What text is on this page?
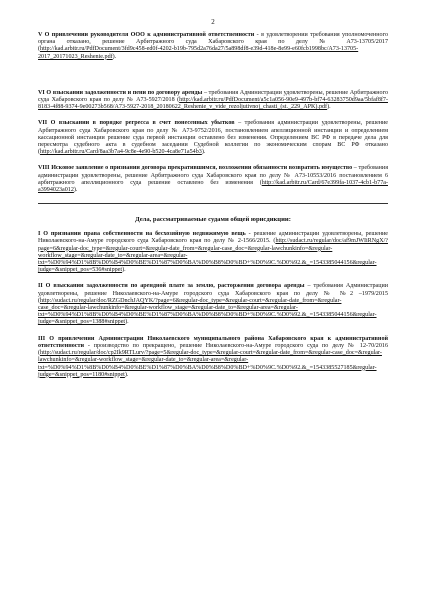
2

V О привлечении руководителя ООО к административной ответственности - в удовлетворении требования уполномоченного органа отказано, решение Арбитражного суда Хабаровского края по делу № А73-13705/2017 (http://kad.arbitr.ru/PdfDocument/3fd9c458-ed0f-4202-b19b-795d2a76da27/5a898df8-e39d-418e-8e99-e60fcb1998bc/A73-13705-2017_20171023_Reshenie.pdf).

VI О взыскании задолженности и пени по договору аренды – требования Администрации удовлетворены, решение Арбитражного суда Хабаровского края по делу № А73-5927/2018 (http://kad.arbitr.ru/PdfDocument/a5c1a056-90e9-497b-bf74-63283750d9aa/5bfaf8f7-8183-4f88-9374-9e00273b568/A73-5927-2018_20180622_Reshenie_v_vide_rezoljutivnoj_chasti_(st._229_APK).pdf).

VII О взыскании в порядке регресса в счет понесенных убытков – требования администрации удовлетворены, решение Арбитражного суда Хабаровского края по делу № А73-9752/2016, постановлением апелляционной инстанции и определением кассационной инстанции решение суда первой инстанции оставлено без изменения. Определением ВС РФ в передаче дела для пересмотра судебного акта в судебном заседании Судебной коллегии по экономическим спорам ВС РФ отказано (http://kad.arbitr.ru/Card/8aa3b7a4-9c8e-4e90-b520-4ca8e71a54b3).

VIII Исковое заявление о признании договора прекратившимся, возложении обязанности возвратить имущество – требования администрации удовлетворены, решение Арбитражного суда Хабаровского края по делу № А73-10553/2016 постановлением 6 арбитражного апелляционного суда решение оставлено без изменения (http://kad.arbitr.ru/Card/67e399fa-1037-4cb1-b77a-a3994023a012).

Дела, рассматриваемые судами общей юрисдикции:

I О признании права собственности на бесхозяйную недвижимую вещь - решение администрации удовлетворены, решение Николаевского-на-Амуре городского суда Хабаровского края по делу № 2-1566/2015. (http://sudact.ru/regular/doc/af9mJWIiRNgX/?page=6&regular-doc_type=&regular-court=&regular-date_from=&regular-case_doc=&regular-lawchunkinfo=&regular-workflow_stage=&regular-date_to=&regular-area=&regular-txt=%D0%94%D1%8B%D0%B4%D0%BE%D1%87%D0%BA%D0%B8%D0%BD+%D0%9C.%D0%92.&_=1543385044156&regular-judge=&snippet_pos=536#snippet).

II О взыскании задолженности по арендной плате за землю, расторжении договора аренды – требования Администрации удовлетворены, решение Николаевского-на-Амуре городского суда Хабаровского края по делу № №2 –1979/2015 (http://sudact.ru/regular/doc/RZGDnchJAQYK/?page=6&regular-doc_type=&regular-court=&regular-date_from=&regular-case_doc=&regular-lawchunkinfo=&regular-workflow_stage=&regular-date_to=&regular-area=&regular-txt=%D0%94%D1%8B%D0%B4%D0%BE%D1%87%D0%BA%D0%B8%D0%BD+%D0%9C.%D0%92.&_=1543385044156&regular-judge=&snippet_pos=1388#snippet).

III О привлечении Администрации Николаевского муниципального района Хабаровского края к административной ответственности - производство по прекращено, решение Николаевского-на-Амуре городского суда по делу № 12-70/2016 (http://sudact.ru/regular/doc/cp2Ik9RTLurv/?page=5&regular-doc_type=&regular-court=&regular-date_from=&regular-case_doc=&regular-lawchunkinfo=&regular-workflow_stage=&regular-date_to=&regular-area=&regular-txt=%D0%94%D1%8B%D0%B4%D0%BE%D1%87%D0%BA%D0%B8%D0%BD+%D0%9C.%D0%92.&_=1543385527185&regular-judge=&snippet_pos=1180#snippet).
